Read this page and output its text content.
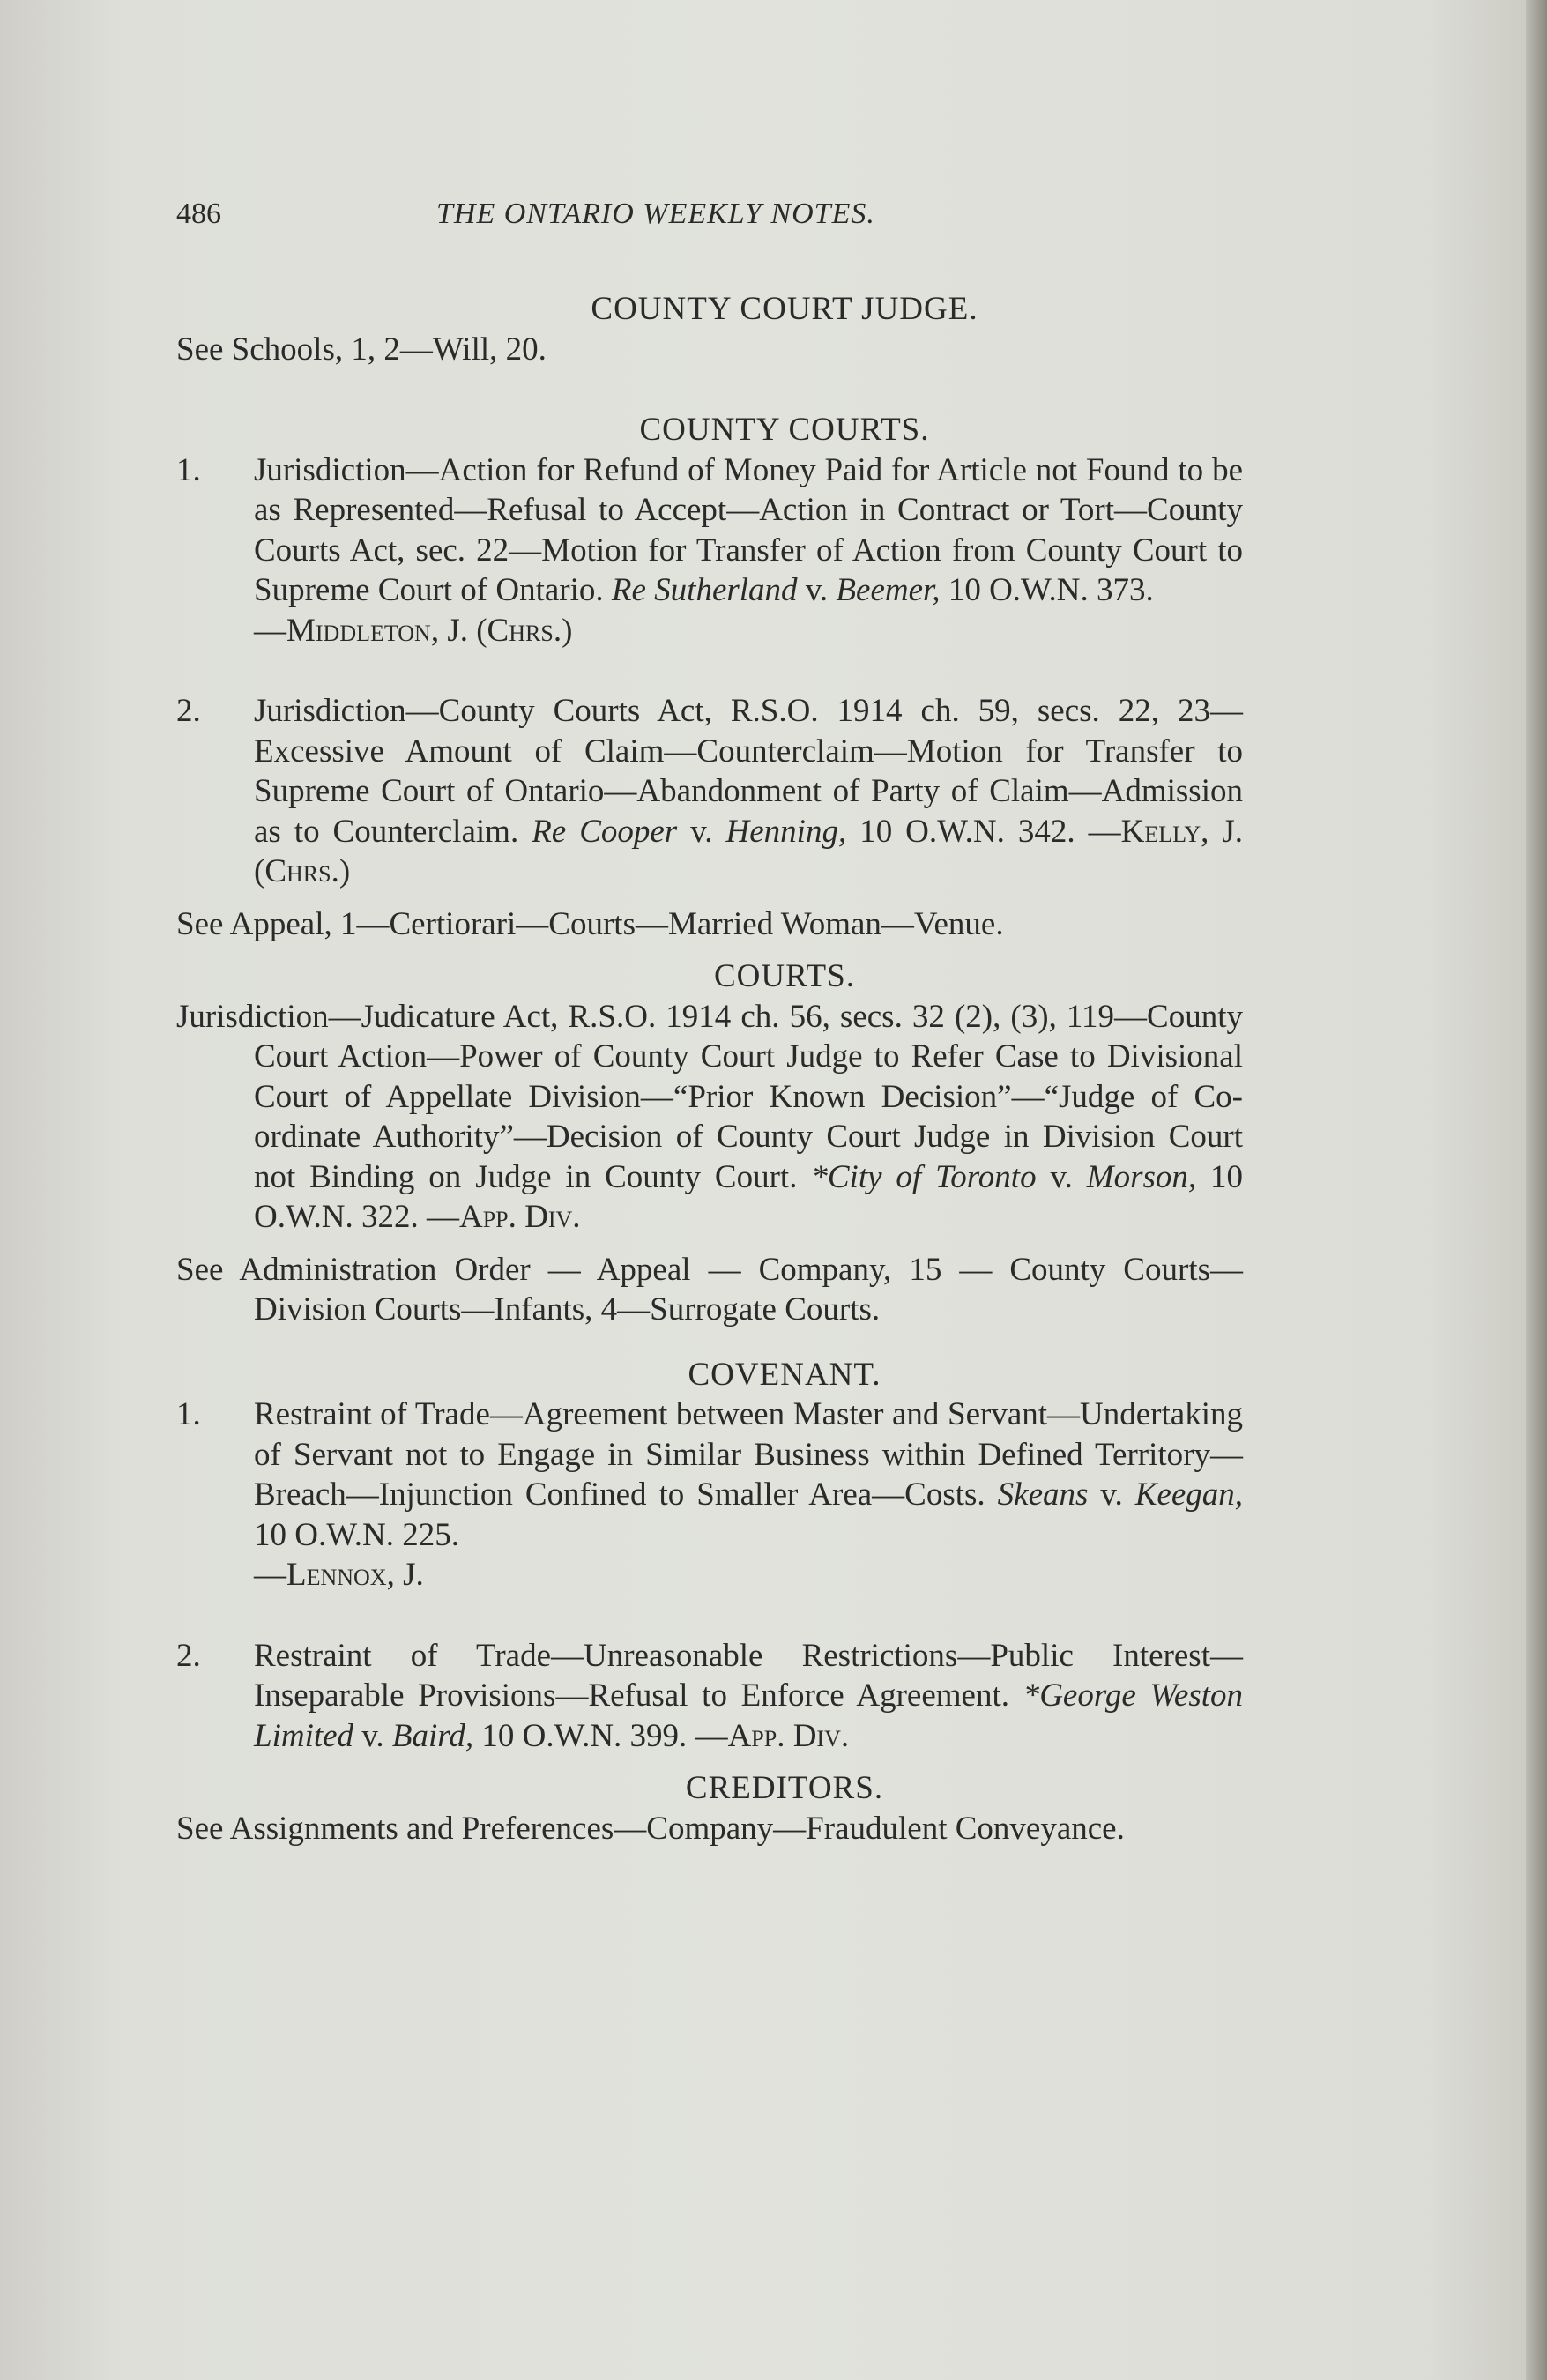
486	THE ONTARIO WEEKLY NOTES.

COUNTY COURT JUDGE.

See Schools, 1, 2—Will, 20.

COUNTY COURTS.

1. Jurisdiction—Action for Refund of Money Paid for Article not Found to be as Represented—Refusal to Accept—Action in Contract or Tort—County Courts Act, sec. 22—Motion for Transfer of Action from County Court to Supreme Court of Ontario. Re Sutherland v. Beemer, 10 O.W.N. 373.
—Middleton, J. (Chrs.)
2. Jurisdiction—County Courts Act, R.S.O. 1914 ch. 59, secs. 22, 23—Excessive Amount of Claim—Counterclaim—Motion for Transfer to Supreme Court of Ontario—Abandonment of Party of Claim—Admission as to Counterclaim. Re Cooper v. Henning, 10 O.W.N. 342. —Kelly, J. (Chrs.)

See Appeal, 1—Certiorari—Courts—Married Woman—Venue.

COURTS.

Jurisdiction—Judicature Act, R.S.O. 1914 ch. 56, secs. 32 (2), (3), 119—County Court Action—Power of County Court Judge to Refer Case to Divisional Court of Appellate Division—“Prior Known Decision”—“Judge of Co-ordinate Authority”—Decision of County Court Judge in Division Court not Binding on Judge in County Court. *City of Toronto v. Morson, 10 O.W.N. 322. —App. Div.

See Administration Order — Appeal — Company, 15 — County Courts—Division Courts—Infants, 4—Surrogate Courts.

COVENANT.

1. Restraint of Trade—Agreement between Master and Servant—Undertaking of Servant not to Engage in Similar Business within Defined Territory—Breach—Injunction Confined to Smaller Area—Costs. Skeans v. Keegan, 10 O.W.N. 225.
—Lennox, J.
2. Restraint of Trade—Unreasonable Restrictions—Public Interest—Inseparable Provisions—Refusal to Enforce Agreement. *George Weston Limited v. Baird, 10 O.W.N. 399. —App. Div.

CREDITORS.

See Assignments and Preferences—Company—Fraudulent Conveyance.
